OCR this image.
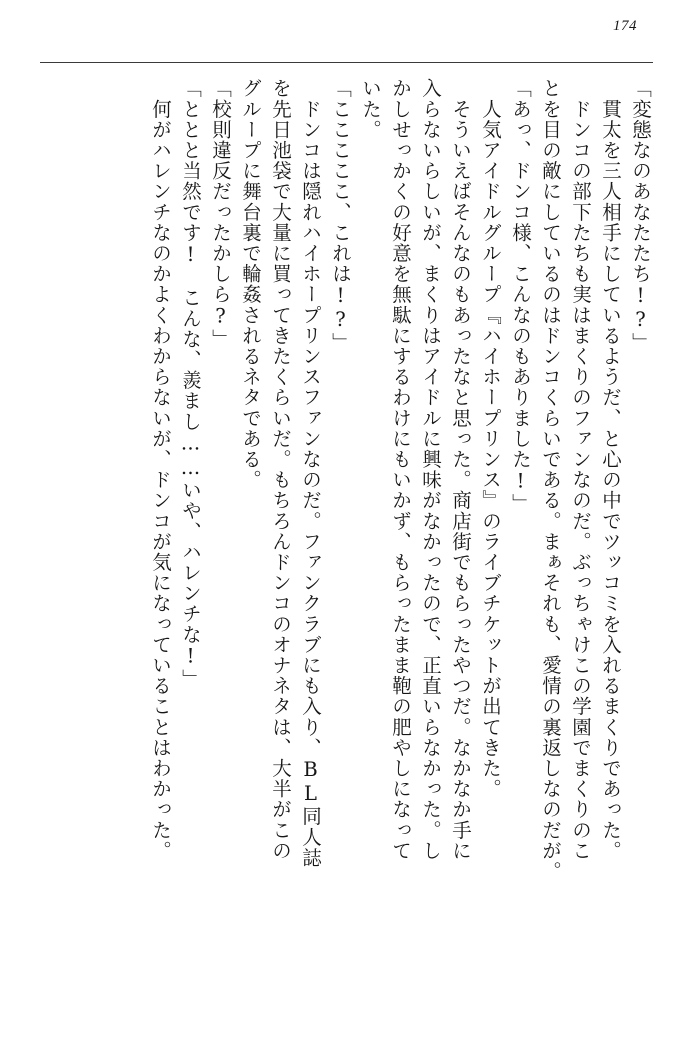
174
「変態なのあなたたち!?」
　貫太を三人相手にしているようだ、と心の中でツッコミを入れるまくりであった。
　ドンコの部下たちも実はまくりのファンなのだ。ぶっちゃけこの学園でまくりのこ
とを目の敵にしているのはドンコくらいである。まぁそれも、愛情の裏返しなのだが。
「あっ、ドンコ様、こんなのもありました!」
　人気アイドルグループ『ハイホープリンス』のライブチケットが出てきた。
　そういえばそんなのもあったなと思った。商店街でもらったやつだ。なかなか手に
入らないらしいが、まくりはアイドルに興味がなかったので、正直いらなかった。し
かしせっかくの好意を無駄にするわけにもいかず、もらったまま鞄の肥やしになって
いた。
「こここここ、これは!?」
　ドンコは隠れハイホープリンスファンなのだ。ファンクラブにも入り、BL同人誌
を先日池袋で大量に買ってきたくらいだ。もちろんドンコのオナネタは、大半がこの
グループに舞台裏で輪姦されるネタである。
「校則違反だったかしら?」
「ととと当然です!　こんな、羨まし……いや、ハレンチな!」
　何がハレンチなのかよくわからないが、ドンコが気になっていることはわかった。
